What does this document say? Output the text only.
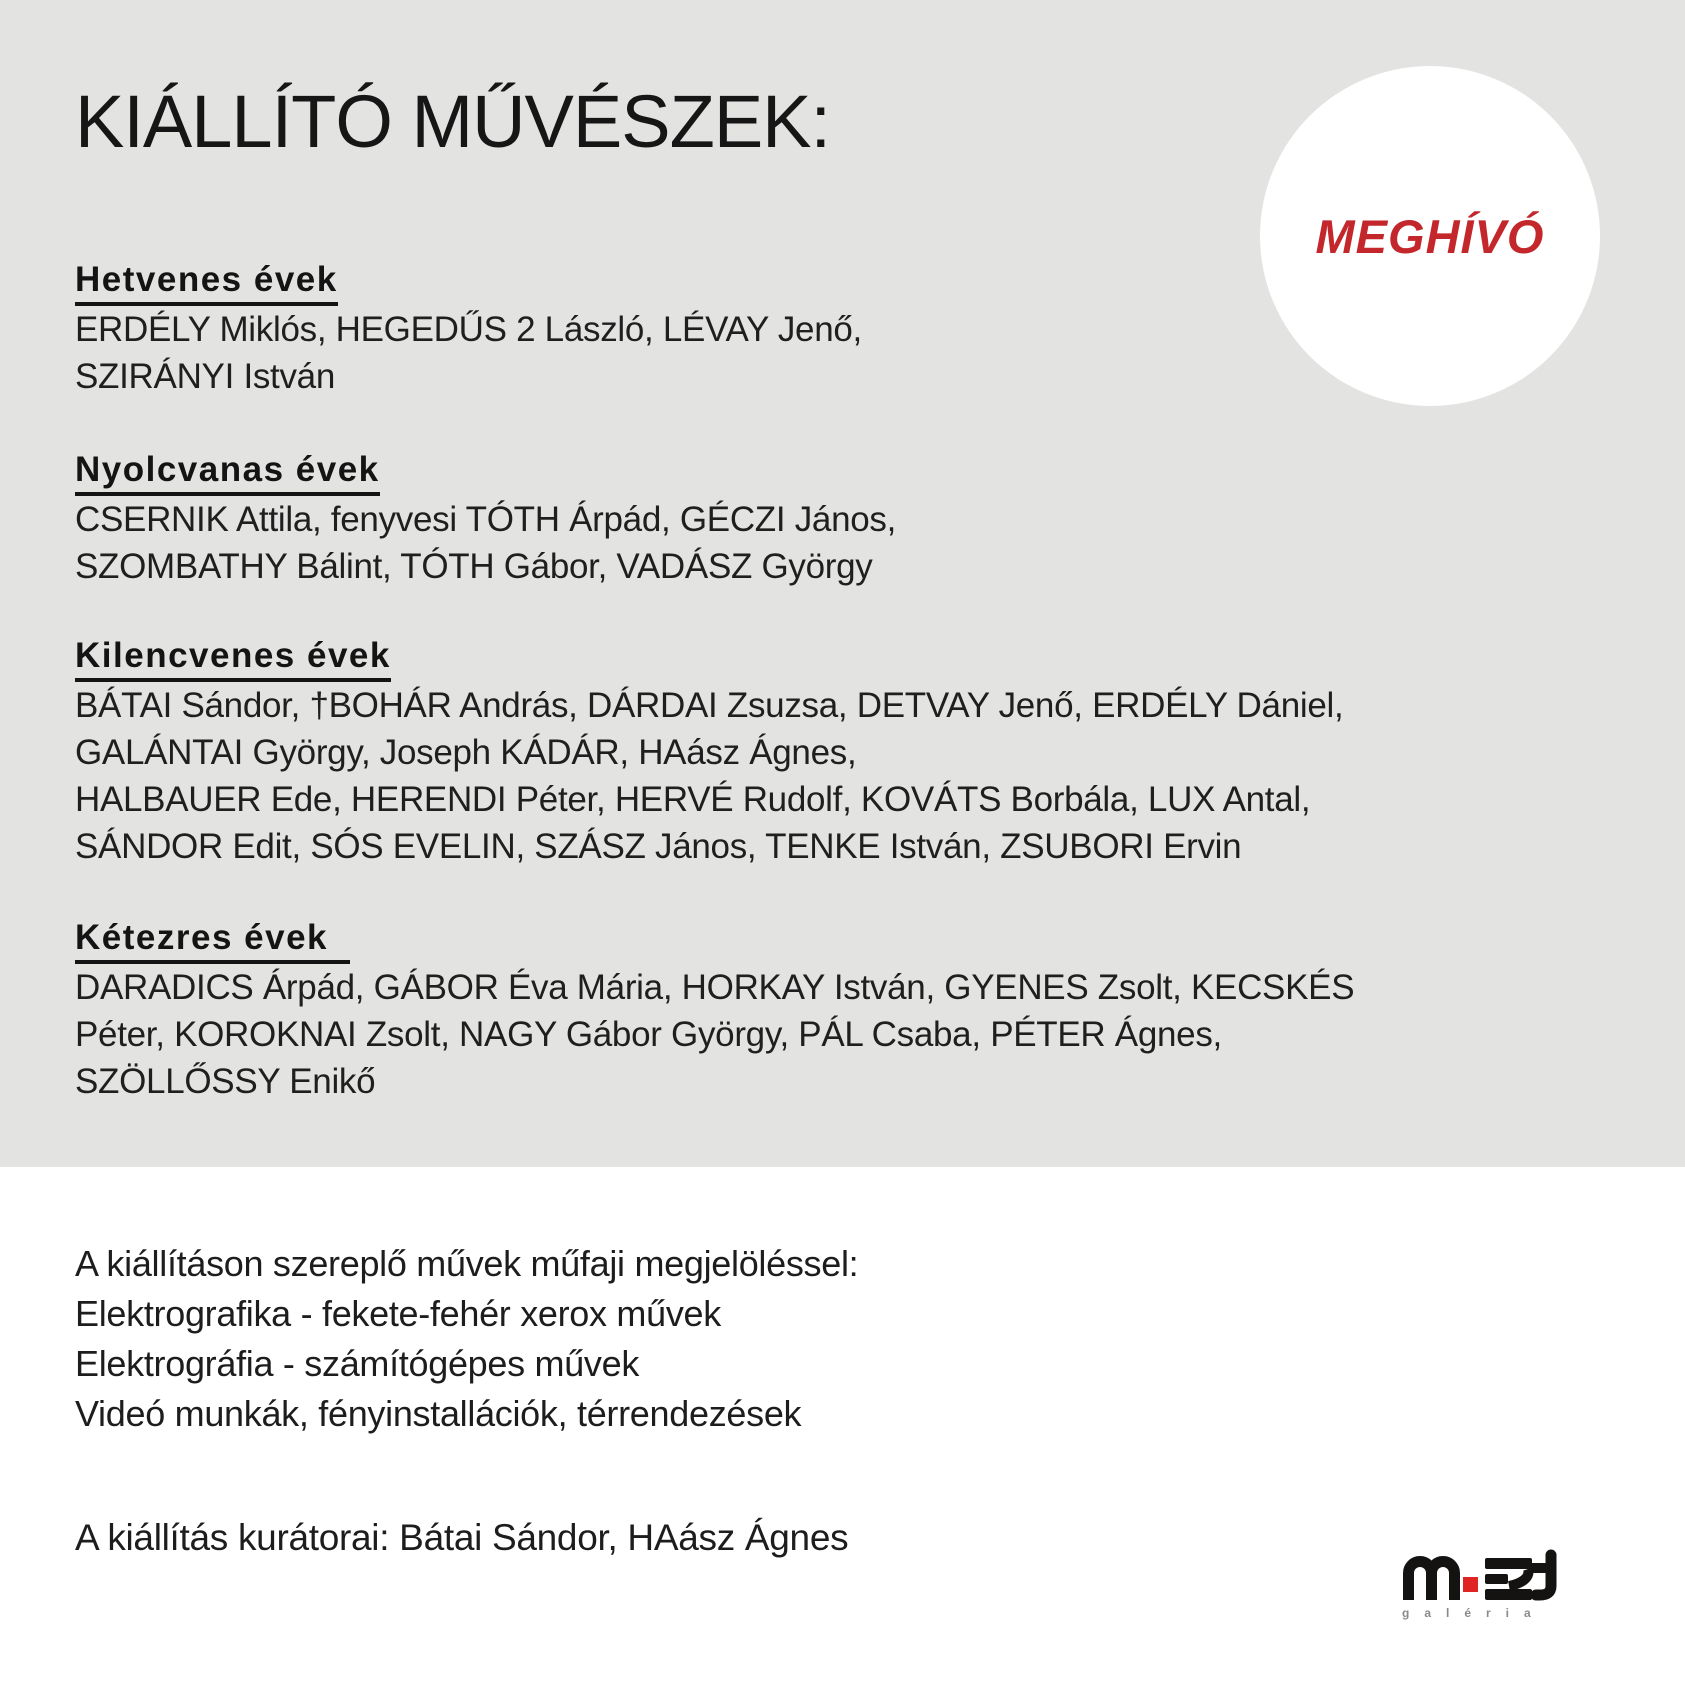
KIÁLLÍTÓ MŰVÉSZEK:
MEGHÍVÓ
Hetvenes évek

ERDÉLY Miklós, HEGEDŰS 2 László, LÉVAY Jenő,

SZIRÁNYI István

Nyolcvanas évek

CSERNIK Attila, fenyvesi TÓTH Árpád, GÉCZI János,

SZOMBATHY Bálint, TÓTH Gábor, VADÁSZ György

Kilencvenes évek

BÁTAI Sándor, †BOHÁR András, DÁRDAI Zsuzsa, DETVAY Jenő, ERDÉLY Dániel,

GALÁNTAI György, Joseph KÁDÁR, HAász Ágnes,

HALBAUER Ede, HERENDI Péter, HERVÉ Rudolf, KOVÁTS Borbála, LUX Antal,

SÁNDOR Edit, SÓS EVELIN, SZÁSZ János, TENKE István, ZSUBORI Ervin

Kétezres évek

DARADICS Árpád, GÁBOR Éva Mária, HORKAY István, GYENES Zsolt, KECSKÉS

Péter, KOROKNAI Zsolt, NAGY Gábor György, PÁL Csaba, PÉTER Ágnes,

SZÖLLŐSSY Enikő

A kiállításon szereplő művek műfaji megjelöléssel:

Elektrografika - fekete-fehér xerox művek

Elektrográfia - számítógépes művek

Videó munkák, fényinstallációk, térrendezések

A kiállítás kurátorai: Bátai Sándor, HAász Ágnes

galéria
